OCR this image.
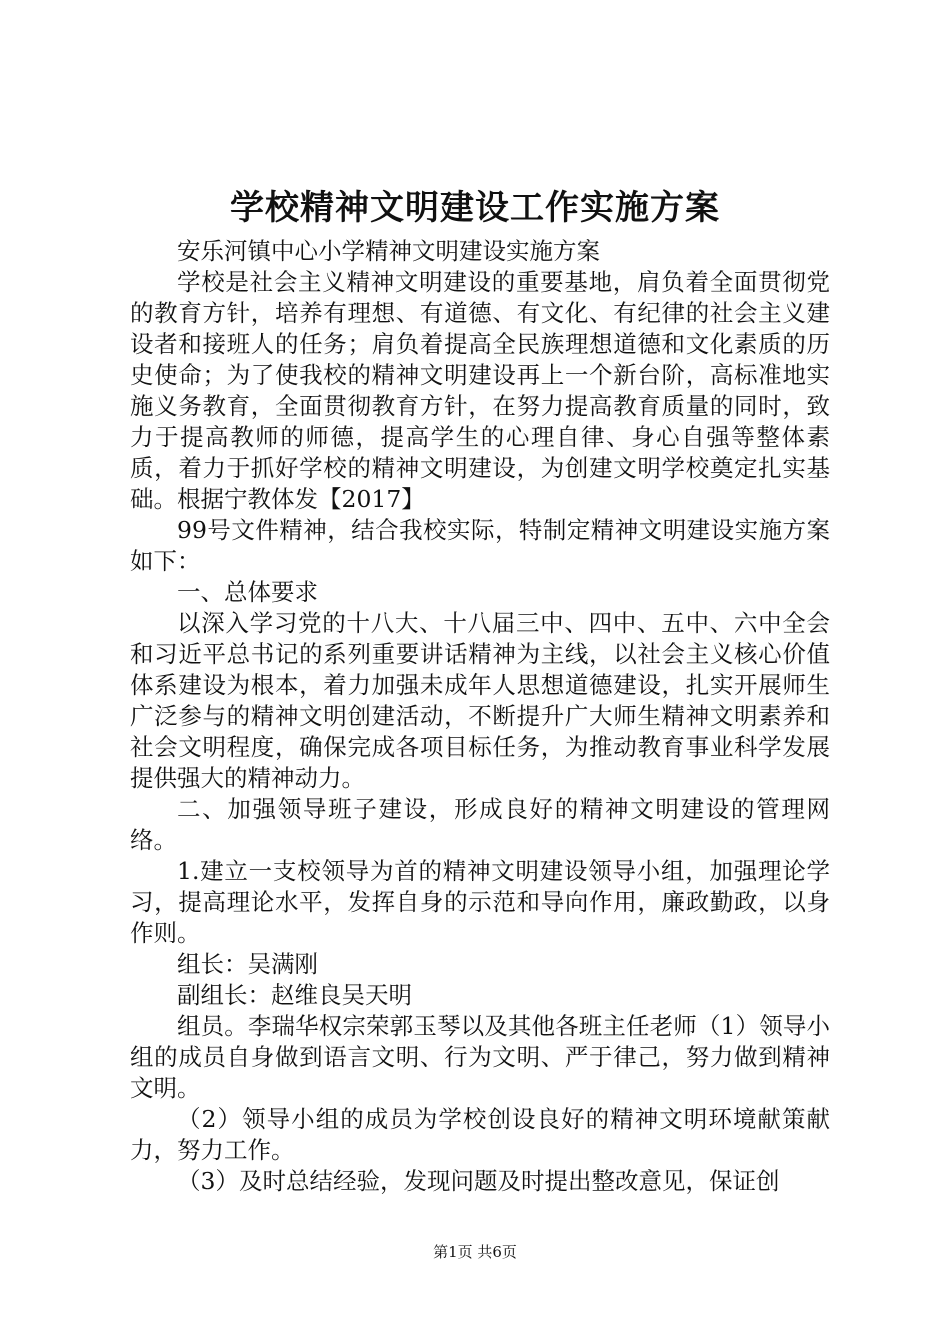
学校精神文明建设工作实施方案

安乐河镇中心小学精神文明建设实施方案

学校是社会主义精神文明建设的重要基地，肩负着全面贯彻党的教育方针，培养有理想、有道德、有文化、有纪律的社会主义建设者和接班人的任务；肩负着提高全民族理想道德和文化素质的历史使命；为了使我校的精神文明建设再上一个新台阶，高标准地实施义务教育，全面贯彻教育方针，在努力提高教育质量的同时，致力于提高教师的师德，提高学生的心理自律、身心自强等整体素质，着力于抓好学校的精神文明建设，为创建文明学校奠定扎实基础。根据宁教体发【2017】

99号文件精神，结合我校实际，特制定精神文明建设实施方案如下：

一、总体要求

以深入学习党的十八大、十八届三中、四中、五中、六中全会和习近平总书记的系列重要讲话精神为主线，以社会主义核心价值体系建设为根本，着力加强未成年人思想道德建设，扎实开展师生广泛参与的精神文明创建活动，不断提升广大师生精神文明素养和社会文明程度，确保完成各项目标任务，为推动教育事业科学发展提供强大的精神动力。

二、加强领导班子建设，形成良好的精神文明建设的管理网络。

1.建立一支校领导为首的精神文明建设领导小组，加强理论学习，提高理论水平，发挥自身的示范和导向作用，廉政勤政，以身作则。

组长：吴满刚

副组长：赵维良吴天明

组员。李瑞华权宗荣郭玉琴以及其他各班主任老师（1）领导小组的成员自身做到语言文明、行为文明、严于律己，努力做到精神文明。

（2）领导小组的成员为学校创设良好的精神文明环境献策献力，努力工作。

（3）及时总结经验，发现问题及时提出整改意见，保证创

第1页 共6页
